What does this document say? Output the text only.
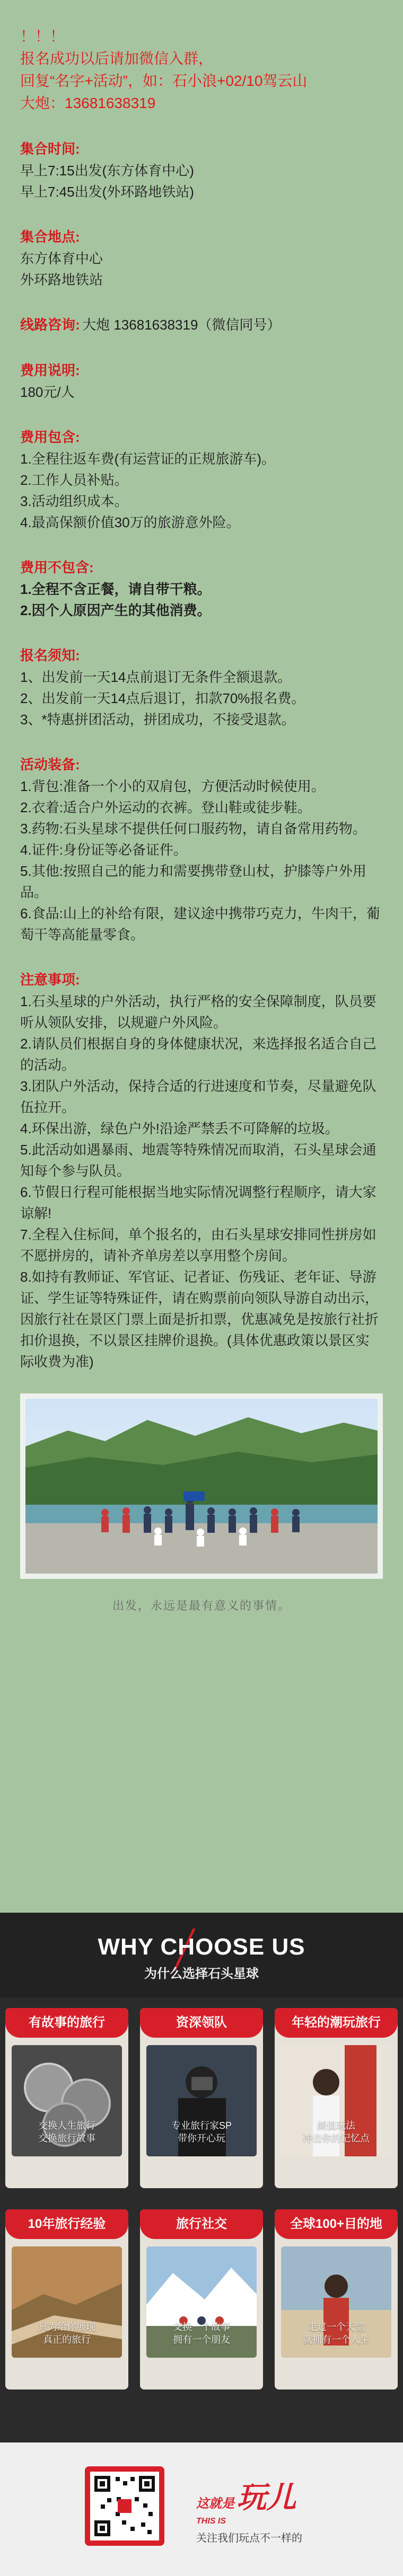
！！！
报名成功以后请加微信入群，
回复“名字+活动”，如：石小浪+02/10驾云山
大炮：13681638319
集合时间:
早上7:15出发(东方体育中心)
早上7:45出发(外环路地铁站)
集合地点:
东方体育中心
外环路地铁站
线路咨询: 大炮 13681638319（微信同号）
费用说明:
180元/人
费用包含:
1.全程往返车费(有运营证的正规旅游车)。
2.工作人员补贴。
3.活动组织成本。
4.最高保额价值30万的旅游意外险。
费用不包含:
1.全程不含正餐，请自带干粮。
2.因个人原因产生的其他消费。
报名须知:
1、出发前一天14点前退订无条件全额退款。
2、出发前一天14点后退订，扣款70%报名费。
3、*特惠拼团活动，拼团成功，不接受退款。
活动装备:
1.背包:准备一个小的双肩包，方便活动时候使用。
2.衣着:适合户外运动的衣裤。登山鞋或徒步鞋。
3.药物:石头星球不提供任何口服药物，请自备常用药物。
4.证件:身份证等必备证件。
5.其他:按照自己的能力和需要携带登山杖，护膝等户外用品。
6.食品:山上的补给有限，建议途中携带巧克力，牛肉干，葡萄干等高能量零食。
注意事项:
1.石头星球的户外活动，执行严格的安全保障制度，队员要
听从领队安排，以规避户外风险。
2.请队员们根据自身的身体健康状况，来选择报名适合自己的活动。
3.团队户外活动，保持合适的行进速度和节奏，尽量避免队伍拉开。
4.环保出游，绿色户外!沿途严禁丢不可降解的垃圾。
5.此活动如遇暴雨、地震等特殊情况而取消，石头星球会通知每个参与队员。
6.节假日行程可能根据当地实际情况调整行程顺序，请大家谅解!
7.全程入住标间，单个报名的，由石头星球安排同性拼房如不愿拼房的，请补齐单房差以享用整个房间。
8.如持有教师证、军官证、记者证、伤残证、老年证、导游证、学生证等特殊证件，请在购票前向领队导游自动出示，因旅行社在景区门票上面是折扣票，优惠减免是按旅行社折扣价退换，不以景区挂牌价退换。(具体优惠政策以景区实际收费为准)
出发，永远是最有意义的事情。
WHY CHOOSE US
为什么选择石头星球
有故事的旅行
交换人生旅行
交换旅行故事
资深领队
专业旅行家SP
带你开心玩
年轻的潮玩旅行
颜值玩法
冲击你的记忆点
10年旅行经验
只为给你展现
真正的旅行
旅行社交
交换一个故事
拥有一个朋友
全球100+目的地
走过一个天堂
就拥有一个人生
这就是 玩儿
THIS IS
关注我们玩点不一样的
